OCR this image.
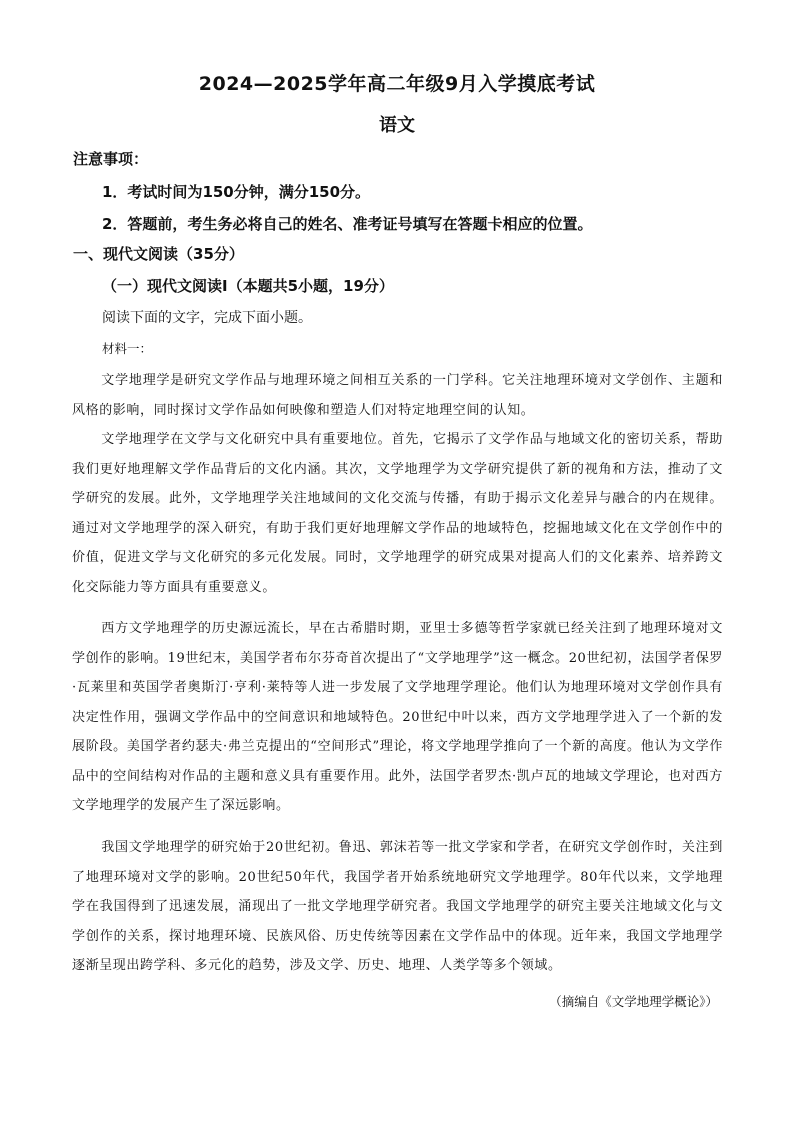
2024—2025学年高二年级9月入学摸底考试
语文
注意事项：
1．考试时间为150分钟，满分150分。
2．答题前，考生务必将自己的姓名、准考证号填写在答题卡相应的位置。
一、现代文阅读（35分）
（一）现代文阅读Ⅰ（本题共5小题，19分）
阅读下面的文字，完成下面小题。
材料一：

文学地理学是研究文学作品与地理环境之间相互关系的一门学科。它关注地理环境对文学创作、主题和风格的影响，同时探讨文学作品如何映像和塑造人们对特定地理空间的认知。

文学地理学在文学与文化研究中具有重要地位。首先，它揭示了文学作品与地域文化的密切关系，帮助我们更好地理解文学作品背后的文化内涵。其次，文学地理学为文学研究提供了新的视角和方法，推动了文学研究的发展。此外，文学地理学关注地域间的文化交流与传播，有助于揭示文化差异与融合的内在规律。通过对文学地理学的深入研究，有助于我们更好地理解文学作品的地域特色，挖掘地域文化在文学创作中的价值，促进文学与文化研究的多元化发展。同时，文学地理学的研究成果对提高人们的文化素养、培养跨文化交际能力等方面具有重要意义。

西方文学地理学的历史源远流长，早在古希腊时期，亚里士多德等哲学家就已经关注到了地理环境对文学创作的影响。19世纪末，美国学者布尔芬奇首次提出了“文学地理学”这一概念。20世纪初，法国学者保罗·瓦莱里和英国学者奥斯汀·亨利·莱特等人进一步发展了文学地理学理论。他们认为地理环境对文学创作具有决定性作用，强调文学作品中的空间意识和地域特色。20世纪中叶以来，西方文学地理学进入了一个新的发展阶段。美国学者约瑟夫·弗兰克提出的“空间形式”理论，将文学地理学推向了一个新的高度。他认为文学作品中的空间结构对作品的主题和意义具有重要作用。此外，法国学者罗杰·凯卢瓦的地域文学理论，也对西方文学地理学的发展产生了深远影响。

我国文学地理学的研究始于20世纪初。鲁迅、郭沫若等一批文学家和学者，在研究文学创作时，关注到了地理环境对文学的影响。20世纪50年代，我国学者开始系统地研究文学地理学。80年代以来，文学地理学在我国得到了迅速发展，涌现出了一批文学地理学研究者。我国文学地理学的研究主要关注地域文化与文学创作的关系，探讨地理环境、民族风俗、历史传统等因素在文学作品中的体现。近年来，我国文学地理学逐渐呈现出跨学科、多元化的趋势，涉及文学、历史、地理、人类学等多个领域。

（摘编自《文学地理学概论》）
